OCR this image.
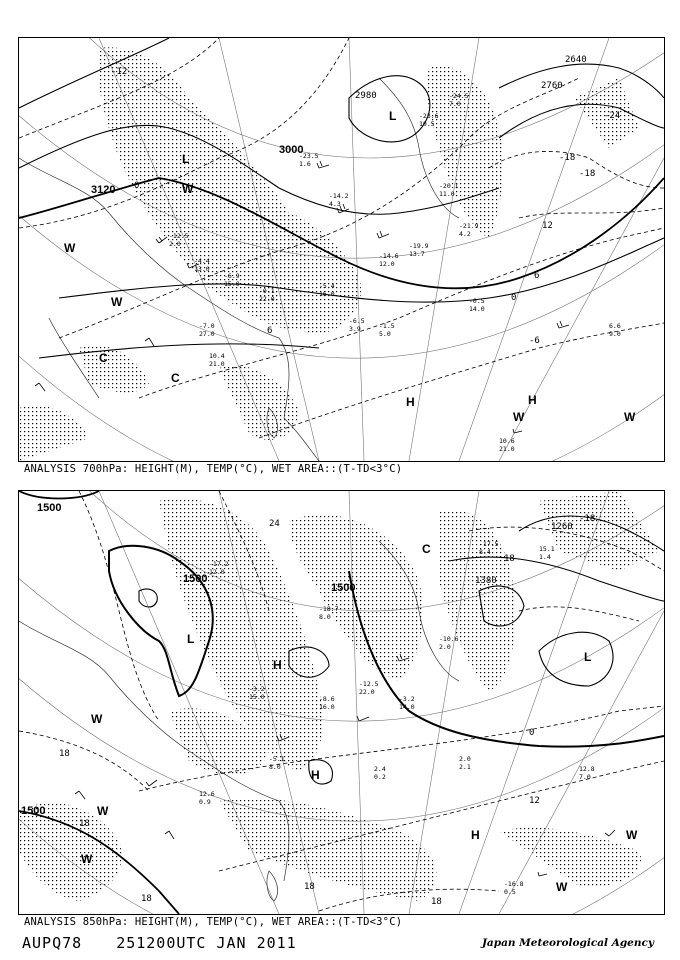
-12.5
2.0
-4.4
13.0
-6.9
15.0
-0.1
22.0
-5.4
16.0
-14.6
12.0
-19.9
13.7
-20.1
11.0
-21.9
4.2
-14.2
4.3
-23.5
1.6
-23.6
10.5
-24.5
7.0
-7.0
27.0
-0.5
14.0
6.6
9.0
10.4
21.0
10.6
21.0
-1.5
5.0
-6.5
3.9
3120
3000
2980
2760
2640
-12
0
-18
-24
-18
12
6
0
-6
6
L
L
W
W
W
C
C
H	H
W	W
ANALYSIS 700hPa: HEIGHT(M), TEMP(°C), WET AREA::(T-TD<3°C)
-17.2
12.0
-3.2
15.0	-8.6
16.0
-12.5
22.0
-3.2
14.0
-10.6
2.0
2.0
2.1	12.8
7.0
-16.8
0.5
12.6
0.9
-5.1
8.0	2.4
0.2
-18.7
8.0
-17.5
8.4	15.1
1.4
1500
1500
1500
1500
1380
1260
24
18
-18
18
18
0
12
18
18
18
L
H
H
L
C
W
W
W
H	W
W
ANALYSIS 850hPa: HEIGHT(M), TEMP(°C), WET AREA::(T-TD<3°C)
AUPQ78 251200UTC JAN 2011	Japan Meteorological Agency
